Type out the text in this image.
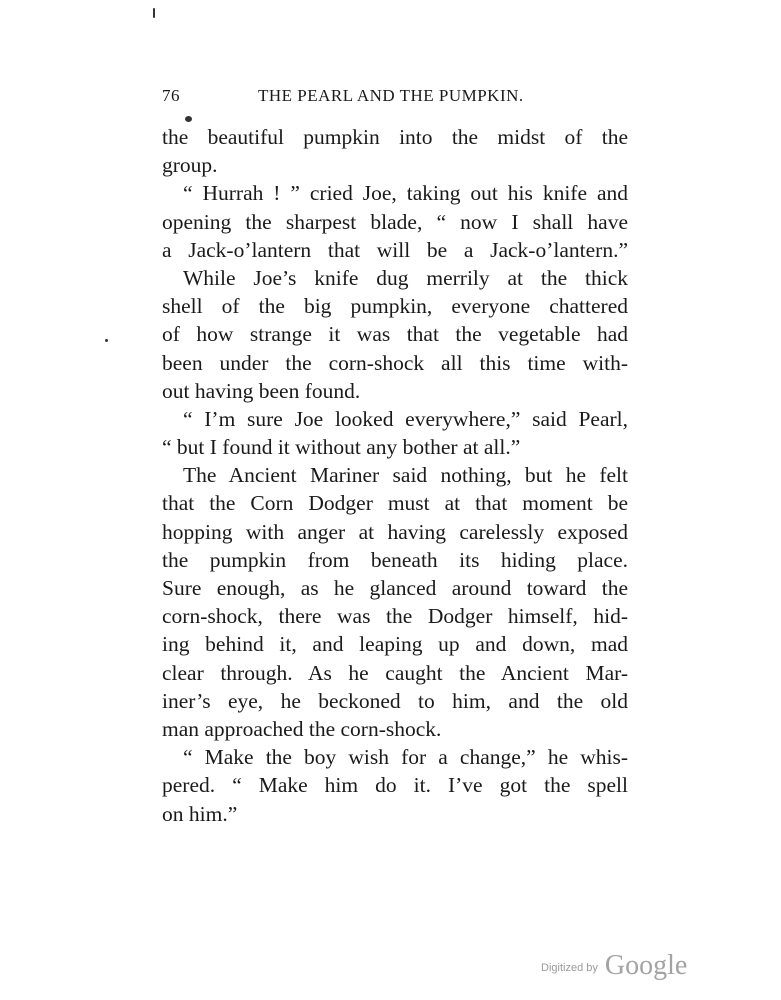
76	THE PEARL AND THE PUMPKIN.
the beautiful pumpkin into the midst of the
group.
“ Hurrah ! ” cried Joe, taking out his knife and
opening the sharpest blade, “ now I shall have
a Jack-o’lantern that will be a Jack-o’lantern.”
While Joe’s knife dug merrily at the thick
shell of the big pumpkin, everyone chattered
of how strange it was that the vegetable had
been under the corn-shock all this time with-
out having been found.
“ I’m sure Joe looked everywhere,” said Pearl,
“ but I found it without any bother at all.”
The Ancient Mariner said nothing, but he felt
that the Corn Dodger must at that moment be
hopping with anger at having carelessly exposed
the pumpkin from beneath its hiding place.
Sure enough, as he glanced around toward the
corn-shock, there was the Dodger himself, hid-
ing behind it, and leaping up and down, mad
clear through. As he caught the Ancient Mar-
iner’s eye, he beckoned to him, and the old
man approached the corn-shock.
“ Make the boy wish for a change,” he whis-
pered. “ Make him do it. I’ve got the spell
on him.”
Digitized by Google
